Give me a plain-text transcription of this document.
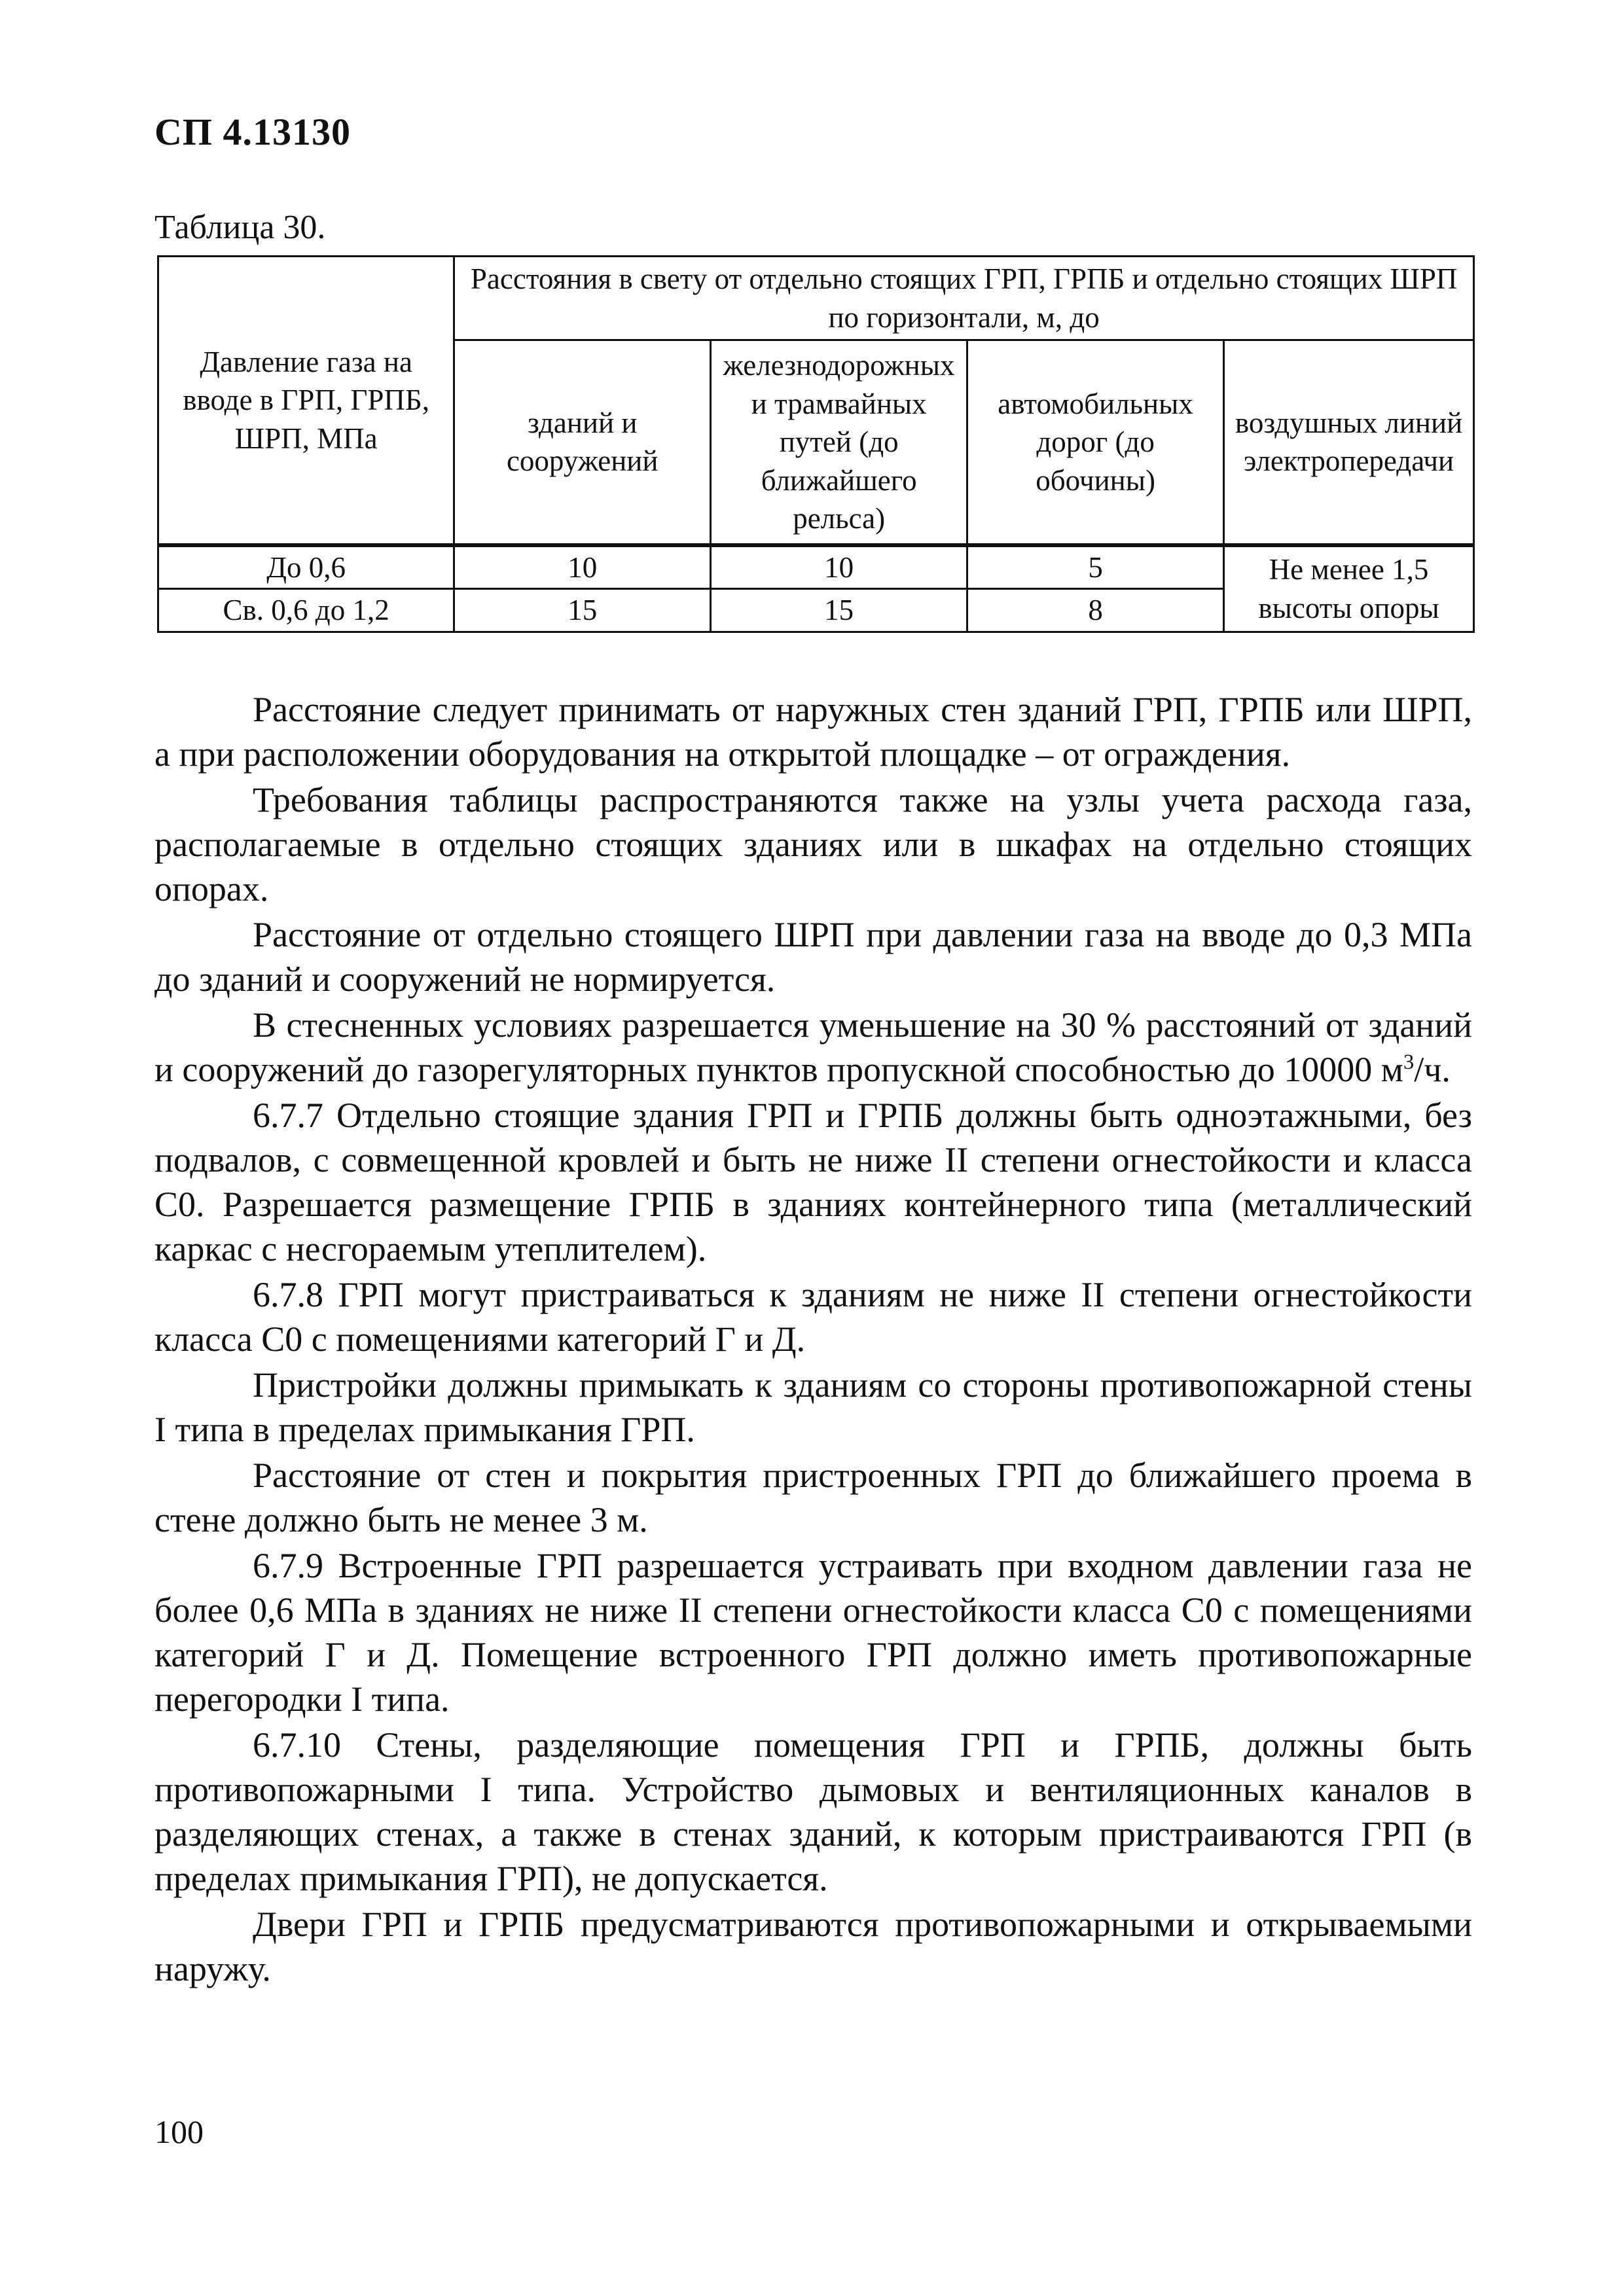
СП 4.13130
Таблица 30.
Давление газа на вводе в ГРП, ГРПБ, ШРП, МПа	Расстояния в свету от отдельно стоящих ГРП, ГРПБ и отдельно стоящих ШРП по горизонтали, м, до			
	зданий и сооружений	железнодорожных и трамвайных путей (до ближайшего рельса)	автомобильных дорог (до обочины)	воздушных линий электропередачи
До 0,6	10	10	5	Не менее 1,5 высоты опоры
Св. 0,6 до 1,2	15	15	8	

Расстояние следует принимать от наружных стен зданий ГРП, ГРПБ или ШРП, а при расположении оборудования на открытой площадке – от ограждения.

Требования таблицы распространяются также на узлы учета расхода газа, располагаемые в отдельно стоящих зданиях или в шкафах на отдельно стоящих опорах.

Расстояние от отдельно стоящего ШРП при давлении газа на вводе до 0,3 МПа до зданий и сооружений не нормируется.

В стесненных условиях разрешается уменьшение на 30 % расстояний от зданий и сооружений до газорегуляторных пунктов пропускной способностью до 10000 $м^3/ч$.

6.7.7 Отдельно стоящие здания ГРП и ГРПБ должны быть одноэтажными, без подвалов, с совмещенной кровлей и быть не ниже II степени огнестойкости и класса С0. Разрешается размещение ГРПБ в зданиях контейнерного типа (металлический каркас с несгораемым утеплителем).

6.7.8 ГРП могут пристраиваться к зданиям не ниже II степени огнестойкости класса С0 с помещениями категорий Г и Д.

Пристройки должны примыкать к зданиям со стороны противопожарной стены I типа в пределах примыкания ГРП.

Расстояние от стен и покрытия пристроенных ГРП до ближайшего проема в стене должно быть не менее 3 м.

6.7.9 Встроенные ГРП разрешается устраивать при входном давлении газа не более 0,6 МПа в зданиях не ниже II степени огнестойкости класса С0 с помещениями категорий Г и Д. Помещение встроенного ГРП должно иметь противопожарные перегородки I типа.

6.7.10 Стены, разделяющие помещения ГРП и ГРПБ, должны быть противопожарными I типа. Устройство дымовых и вентиляционных каналов в разделяющих стенах, а также в стенах зданий, к которым пристраиваются ГРП (в пределах примыкания ГРП), не допускается.

Двери ГРП и ГРПБ предусматриваются противопожарными и открываемыми наружу.

100
